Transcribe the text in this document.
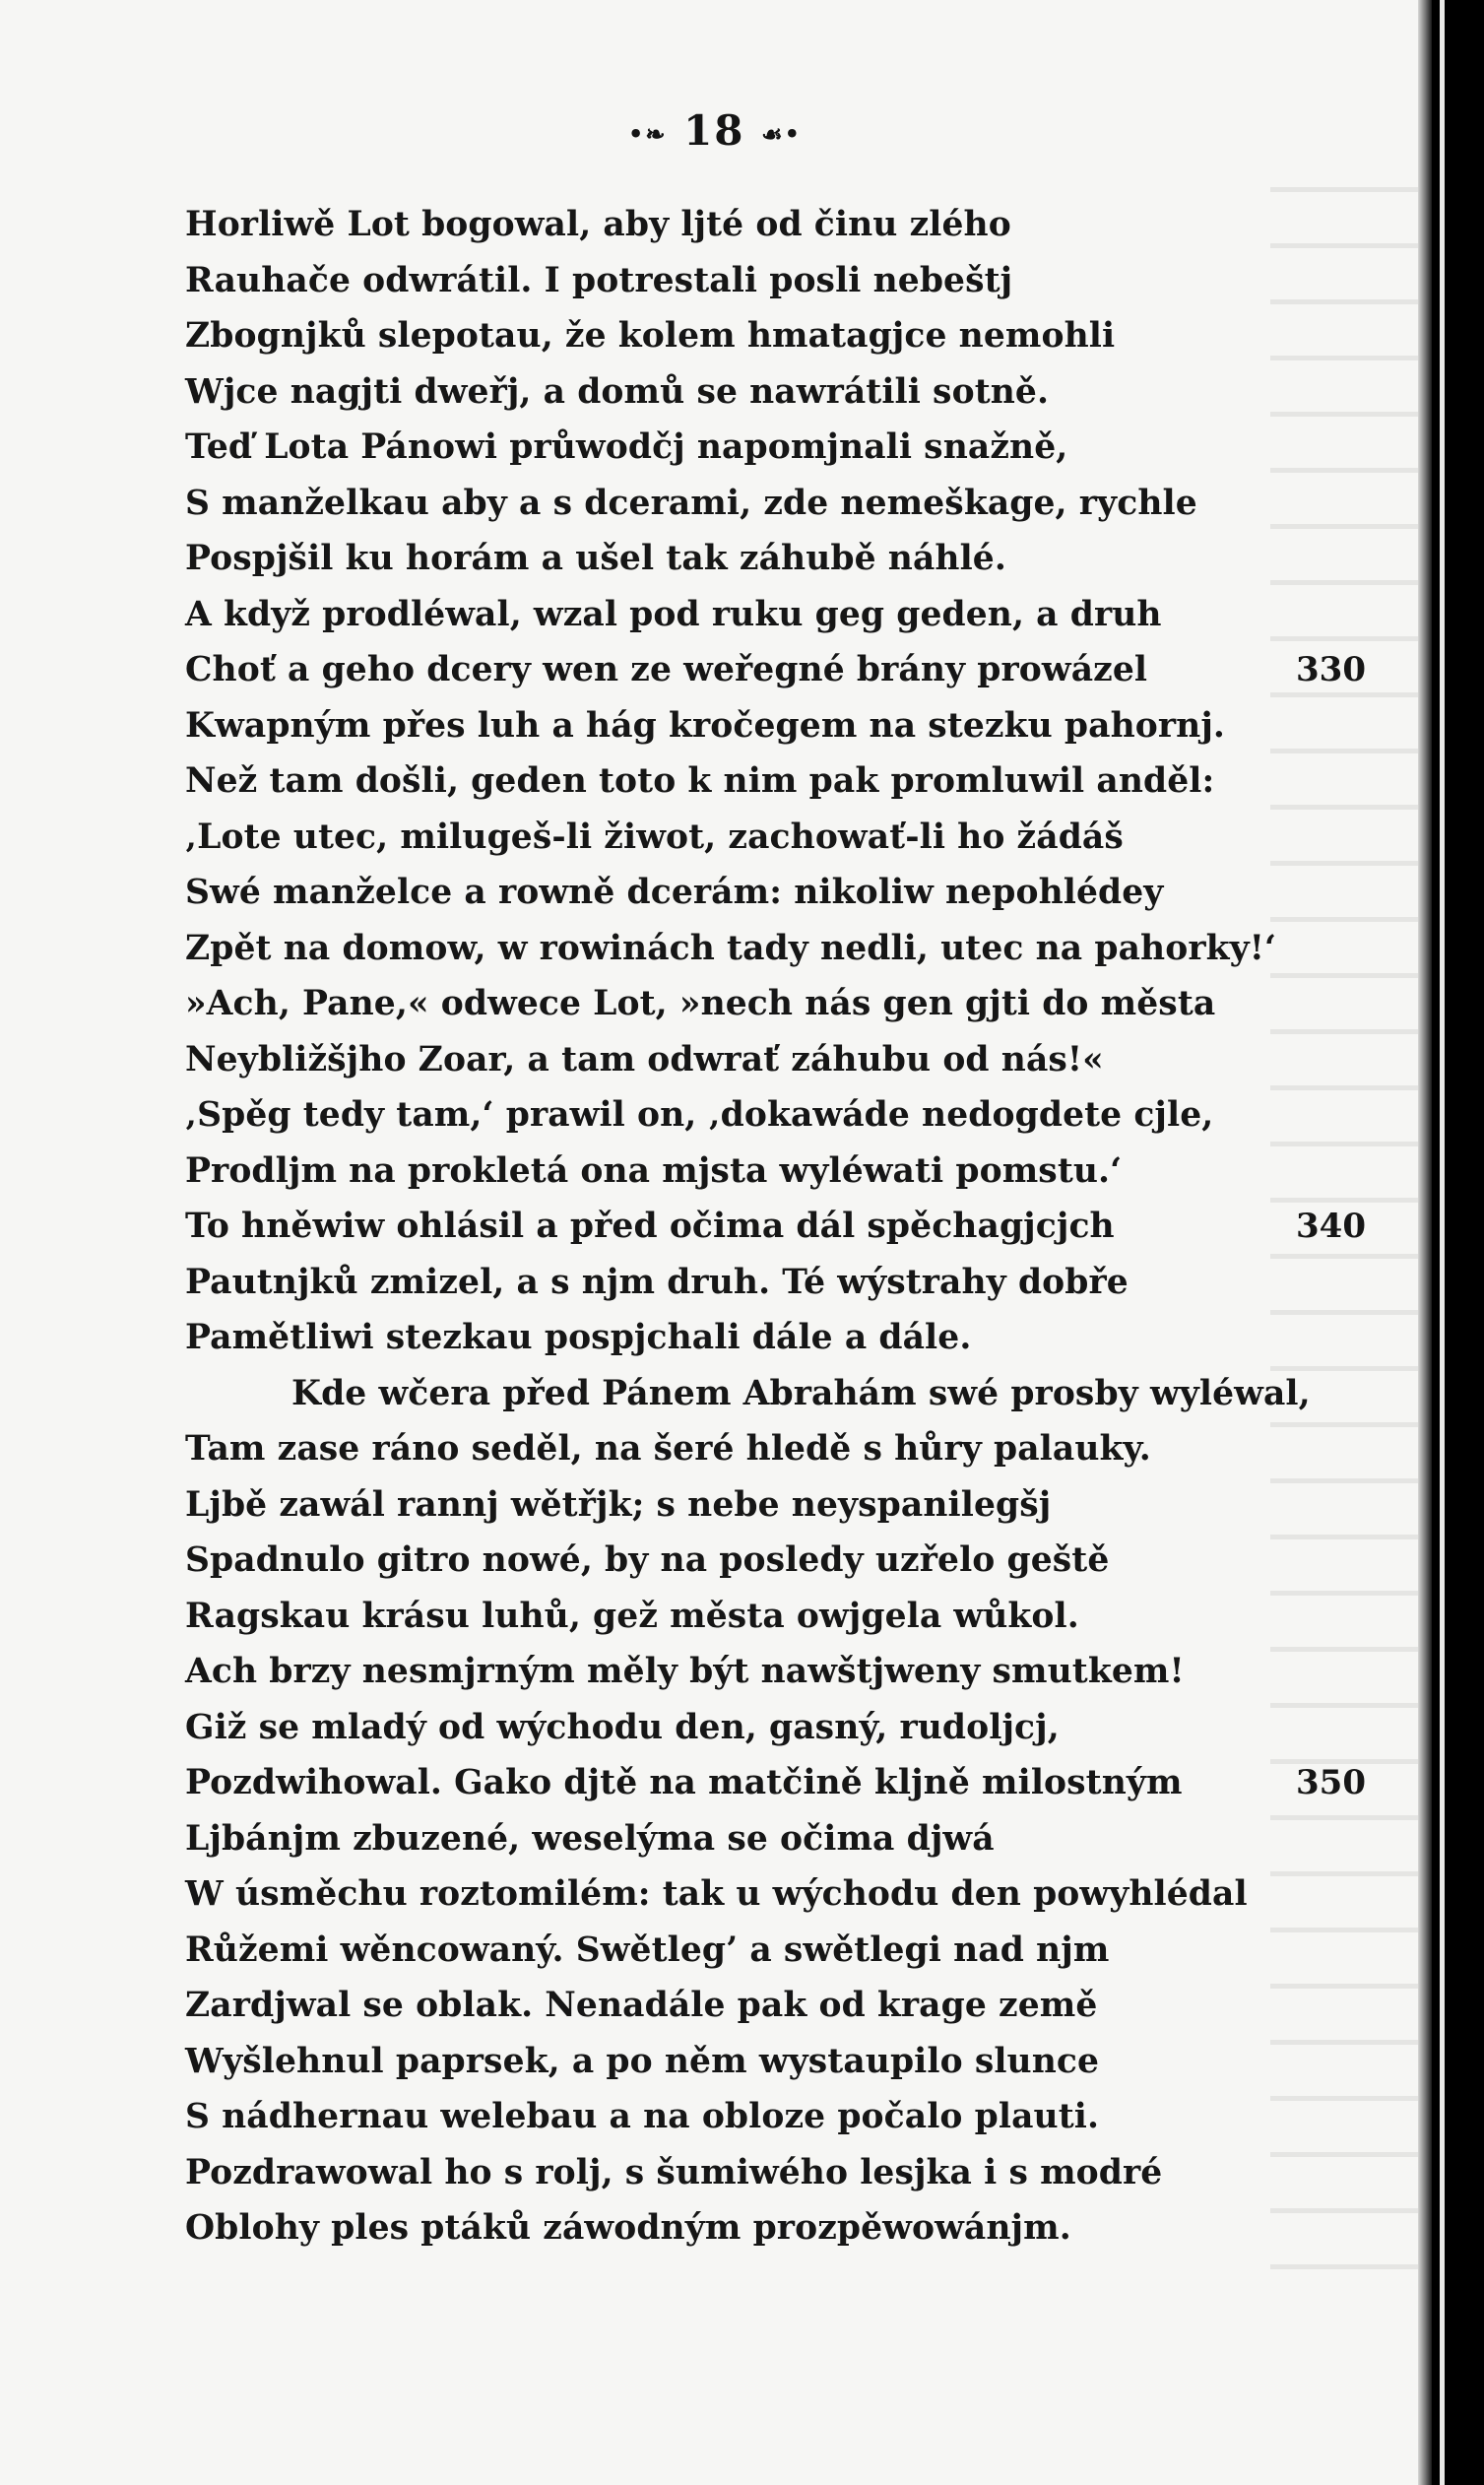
•❧ 18 ☙•
Horliwě Lot bogowal, aby ljté od činu zlého
Rauhače odwrátil. I potrestali posli nebeštj
Zbognjků slepotau, že kolem hmatagjce nemohli
Wjce nagjti dweřj, a domů se nawrátili sotně.
Teď Lota Pánowi průwodčj napomjnali snažně,
S manželkau aby a s dcerami, zde nemeškage, rychle
Pospjšil ku horám a ušel tak záhubě náhlé.
A když prodléwal, wzal pod ruku geg geden, a druh
Choť a geho dcery wen ze weřegné brány prowázel	330
Kwapným přes luh a hág kročegem na stezku pahornj.
Než tam došli, geden toto k nim pak promluwil anděl:
‚Lote utec, milugeš-li žiwot, zachowať-li ho žádáš
Swé manželce a rowně dcerám: nikoliw nepohlédey
Zpět na domow, w rowinách tady nedli, utec na pahorky!‘
»Ach, Pane,« odwece Lot, »nech nás gen gjti do města
Neybližšjho Zoar, a tam odwrať záhubu od nás!«
‚Spěg tedy tam,‘ prawil on, ‚dokawáde nedogdete cjle,
Prodljm na prokletá ona mjsta wyléwati pomstu.‘
To hněwiw ohlásil a před očima dál spěchagjcjch	340
Pautnjků zmizel, a s njm druh. Té wýstrahy dobře
Pamětliwi stezkau pospjchali dále a dále.
Kde wčera před Pánem Abrahám swé prosby wyléwal,
Tam zase ráno seděl, na šeré hledě s hůry palauky.
Ljbě zawál rannj wětřjk; s nebe neyspanilegšj
Spadnulo gitro nowé, by na posledy uzřelo geště
Ragskau krásu luhů, gež města owjgela wůkol.
Ach brzy nesmjrným měly být nawštjweny smutkem!
Giž se mladý od wýchodu den, gasný, rudoljcj,
Pozdwihowal. Gako djtě na matčině kljně milostným	350
Ljbánjm zbuzené, weselýma se očima djwá
W úsměchu roztomilém: tak u wýchodu den powyhlédal
Růžemi wěncowaný. Swětleg’ a swětlegi nad njm
Zardjwal se oblak. Nenadále pak od krage země
Wyšlehnul paprsek, a po něm wystaupilo slunce
S nádhernau welebau a na obloze počalo plauti.
Pozdrawowal ho s rolj, s šumiwého lesjka i s modré
Oblohy ples ptáků záwodným prozpěwowánjm.
